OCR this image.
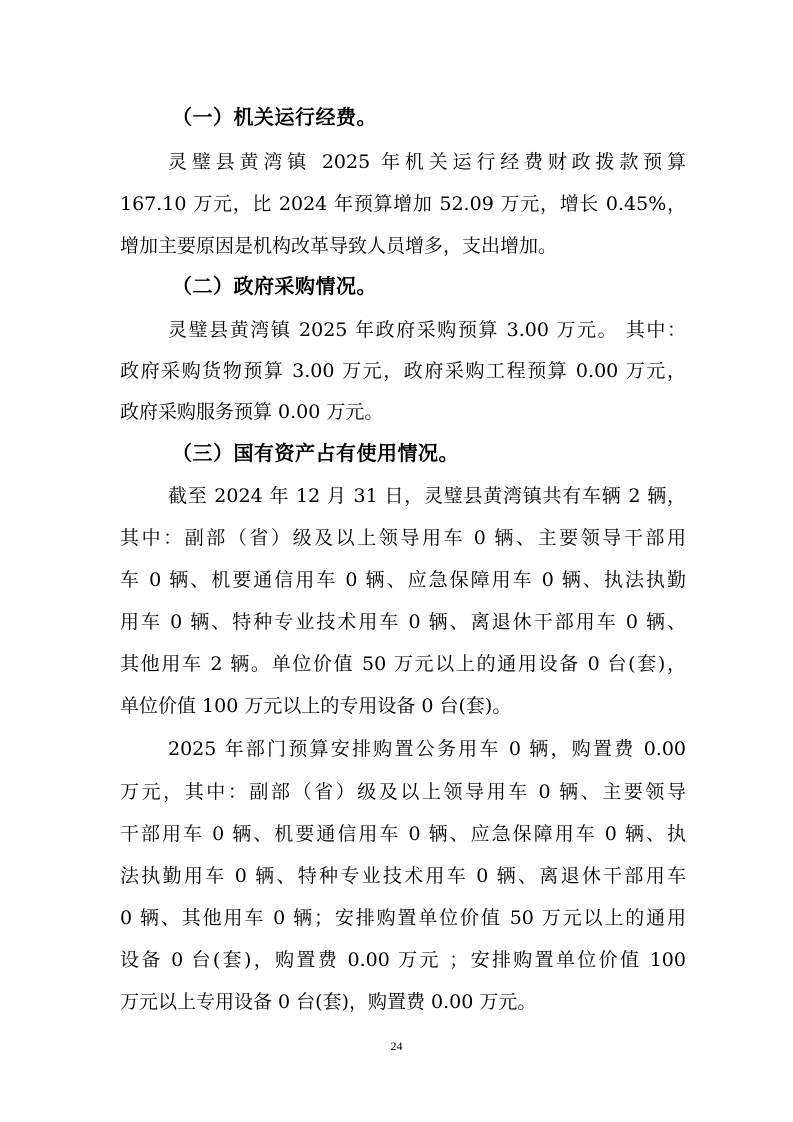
（一）机关运行经费。
灵璧县黄湾镇 2025 年机关运行经费财政拨款预算
167.10 万元，比 2024 年预算增加 52.09 万元，增长 0.45%，
增加主要原因是机构改革导致人员增多，支出增加。
（二）政府采购情况。
灵璧县黄湾镇 2025 年政府采购预算 3.00 万元。 其中：
政府采购货物预算 3.00 万元，政府采购工程预算 0.00 万元，
政府采购服务预算 0.00 万元。
（三）国有资产占有使用情况。
截至 2024 年 12 月 31 日，灵璧县黄湾镇共有车辆 2 辆，
其中：副部（省）级及以上领导用车 0 辆、主要领导干部用
车 0 辆、机要通信用车 0 辆、应急保障用车 0 辆、执法执勤
用车 0 辆、特种专业技术用车 0 辆、离退休干部用车 0 辆、
其他用车 2 辆。单位价值 50 万元以上的通用设备 0 台(套)，
单位价值 100 万元以上的专用设备 0 台(套)。
2025 年部门预算安排购置公务用车 0 辆，购置费 0.00
万元，其中：副部（省）级及以上领导用车 0 辆、主要领导
干部用车 0 辆、机要通信用车 0 辆、应急保障用车 0 辆、执
法执勤用车 0 辆、特种专业技术用车 0 辆、离退休干部用车
0 辆、其他用车 0 辆；安排购置单位价值 50 万元以上的通用
设备 0 台(套)，购置费 0.00 万元 ；安排购置单位价值 100
万元以上专用设备 0 台(套)，购置费 0.00 万元。
24
